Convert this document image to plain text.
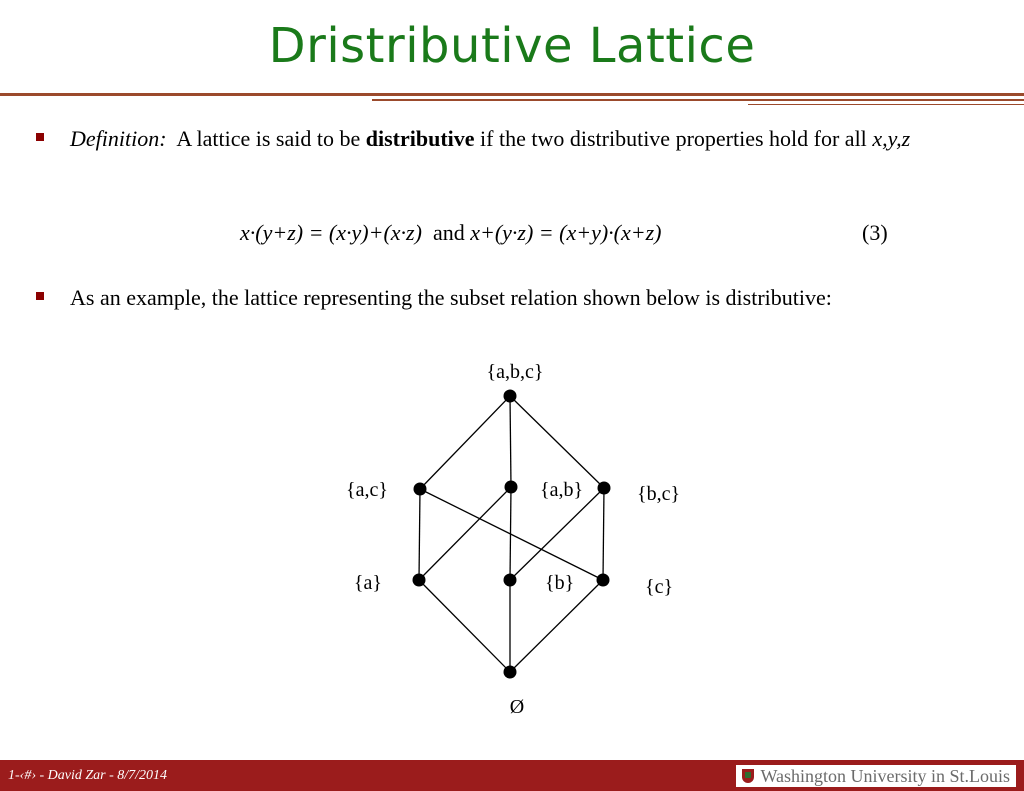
Dristributive Lattice
Definition:  A lattice is said to be distributive if the two distributive properties hold for all x,y,z
x·(y+z) = (x·y)+(x·z) and x+(y·z) = (x+y)·(x+z)	(3)
As an example, the lattice representing the subset relation shown below is distributive:
{a,b,c}
{a,c}	{a,b}	{b,c}
{a}	{b}	{c}
Ø
1-‹#› - David Zar - 8/7/2014	Washington University in St.Louis
